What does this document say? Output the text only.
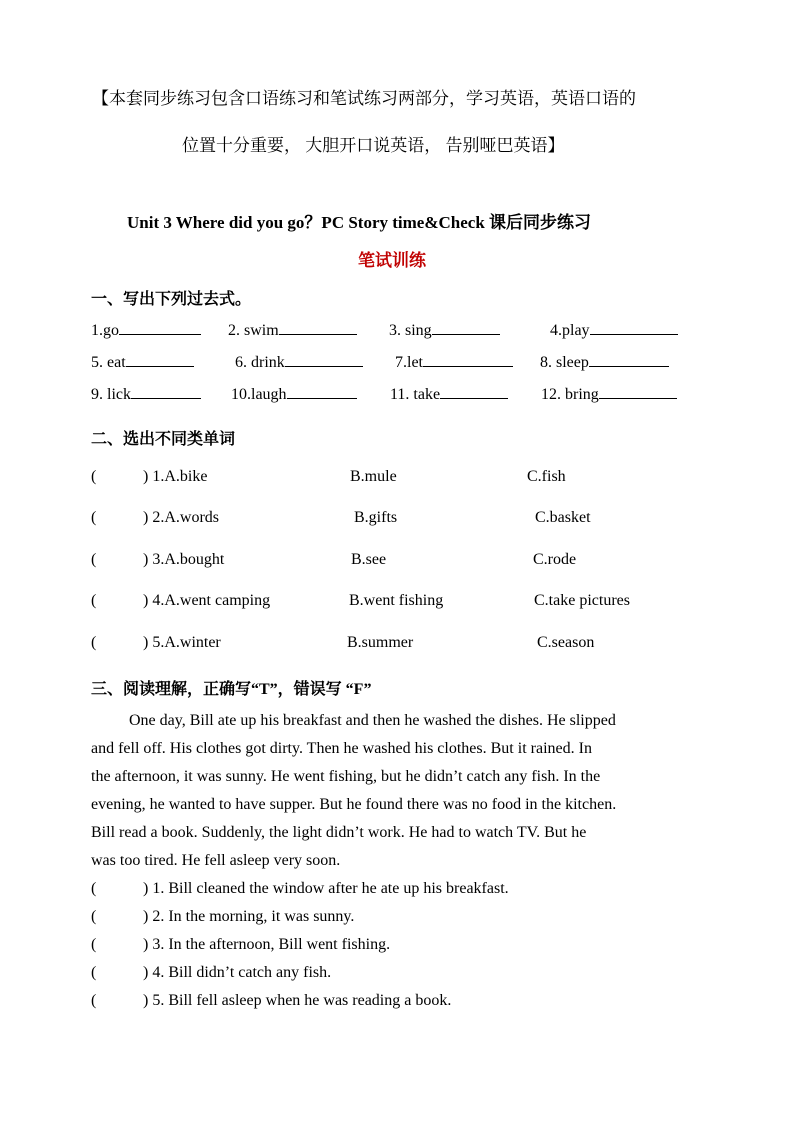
【本套同步练习包含口语练习和笔试练习两部分，学习英语，英语口语的
位置十分重要， 大胆开口说英语， 告别哑巴英语】
Unit 3 Where did you go？PC Story time&Check 课后同步练习
笔试训练
一、写出下列过去式。
1.go	2. swim	3. sing	4.play
5. eat	6. drink	7.let	8. sleep
9. lick	10.laugh	11. take	12. bring
二、选出不同类单词
(	) 1.A.bike	B.mule	C.fish
(	) 2.A.words	B.gifts	C.basket
(	) 3.A.bought	B.see	C.rode
(	) 4.A.went camping	B.went fishing	C.take pictures
(	) 5.A.winter	B.summer	C.season
三、阅读理解，正确写“T”，错误写 “F”
One day, Bill ate up his breakfast and then he washed the dishes. He slipped
and fell off. His clothes got dirty. Then he washed his clothes. But it rained. In
the afternoon, it was sunny. He went fishing, but he didn’t catch any fish. In the
evening, he wanted to have supper. But he found there was no food in the kitchen.
Bill read a book. Suddenly, the light didn’t work. He had to watch TV. But he
was too tired. He fell asleep very soon.
(	) 1. Bill cleaned the window after he ate up his breakfast.
(	) 2. In the morning, it was sunny.
(	) 3. In the afternoon, Bill went fishing.
(	) 4. Bill didn’t catch any fish.
(	) 5. Bill fell asleep when he was reading a book.
